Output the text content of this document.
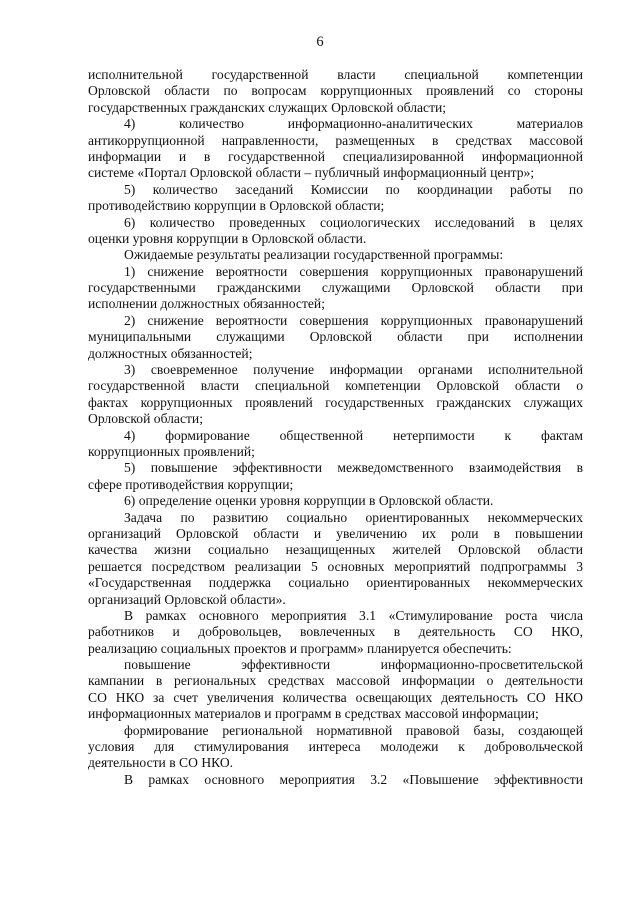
6
исполнительной государственной власти специальной компетенции
Орловской области по вопросам коррупционных проявлений со стороны
государственных гражданских служащих Орловской области;
4) количество информационно-аналитических материалов
антикоррупционной направленности, размещенных в средствах массовой
информации и в государственной специализированной информационной
системе «Портал Орловской области – публичный информационный центр»;
5) количество заседаний Комиссии по координации работы по
противодействию коррупции в Орловской области;
6) количество проведенных социологических исследований в целях
оценки уровня коррупции в Орловской области.
Ожидаемые результаты реализации государственной программы:
1) снижение вероятности совершения коррупционных правонарушений
государственными гражданскими служащими Орловской области при
исполнении должностных обязанностей;
2) снижение вероятности совершения коррупционных правонарушений
муниципальными служащими Орловской области при исполнении
должностных обязанностей;
3) своевременное получение информации органами исполнительной
государственной власти специальной компетенции Орловской области о
фактах коррупционных проявлений государственных гражданских служащих
Орловской области;
4) формирование общественной нетерпимости к фактам
коррупционных проявлений;
5) повышение эффективности межведомственного взаимодействия в
сфере противодействия коррупции;
6) определение оценки уровня коррупции в Орловской области.
Задача по развитию социально ориентированных некоммерческих
организаций Орловской области и увеличению их роли в повышении
качества жизни социально незащищенных жителей Орловской области
решается посредством реализации 5 основных мероприятий подпрограммы 3
«Государственная поддержка социально ориентированных некоммерческих
организаций Орловской области».
В рамках основного мероприятия 3.1 «Стимулирование роста числа
работников и добровольцев, вовлеченных в деятельность СО НКО,
реализацию социальных проектов и программ» планируется обеспечить:
повышение эффективности информационно-просветительской
кампании в региональных средствах массовой информации о деятельности
СО НКО за счет увеличения количества освещающих деятельность СО НКО
информационных материалов и программ в средствах массовой информации;
формирование региональной нормативной правовой базы, создающей
условия для стимулирования интереса молодежи к добровольческой
деятельности в СО НКО.
В рамках основного мероприятия 3.2 «Повышение эффективности
